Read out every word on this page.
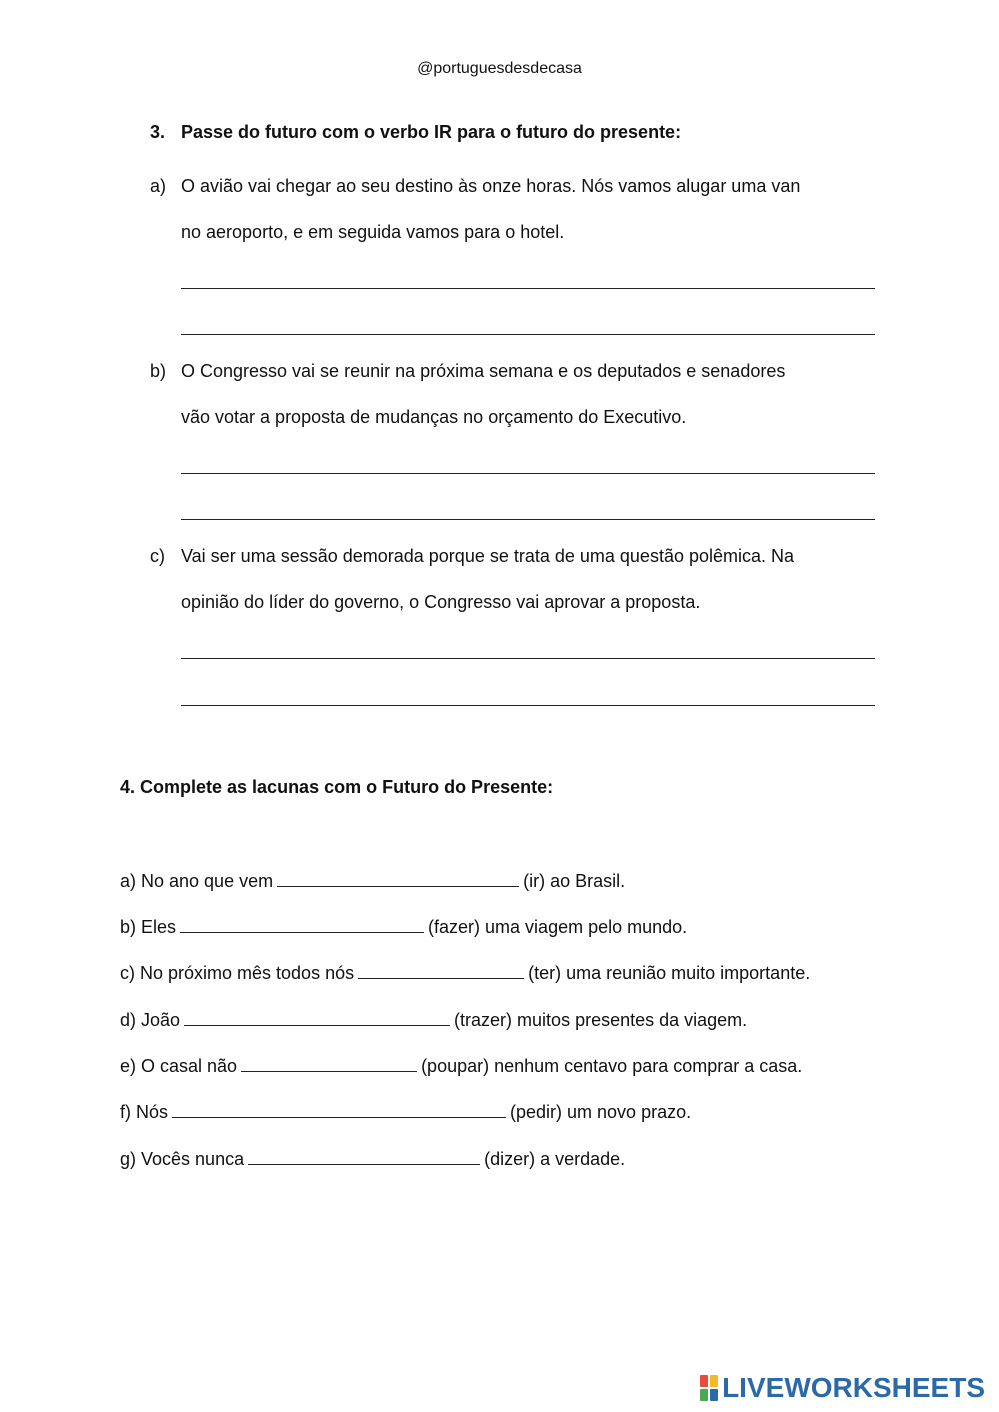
@portuguesdesdecasa
3. Passe do futuro com o verbo IR para o futuro do presente:
a) O avião vai chegar ao seu destino às onze horas. Nós vamos alugar uma van
no aeroporto, e em seguida vamos para o hotel.
b) O Congresso vai se reunir na próxima semana e os deputados e senadores
vão votar a proposta de mudanças no orçamento do Executivo.
c) Vai ser uma sessão demorada porque se trata de uma questão polêmica. Na
opinião do líder do governo, o Congresso vai aprovar a proposta.
4. Complete as lacunas com o Futuro do Presente:
a) No ano que vem	(ir) ao Brasil.
b) Eles	(fazer) uma viagem pelo mundo.
c) No próximo mês todos nós	(ter) uma reunião muito importante.
d) João	(trazer) muitos presentes da viagem.
e) O casal não	(poupar) nenhum centavo para comprar a casa.
f) Nós	(pedir) um novo prazo.
g) Vocês nunca	(dizer) a verdade.
LIVEWORKSHEETS
